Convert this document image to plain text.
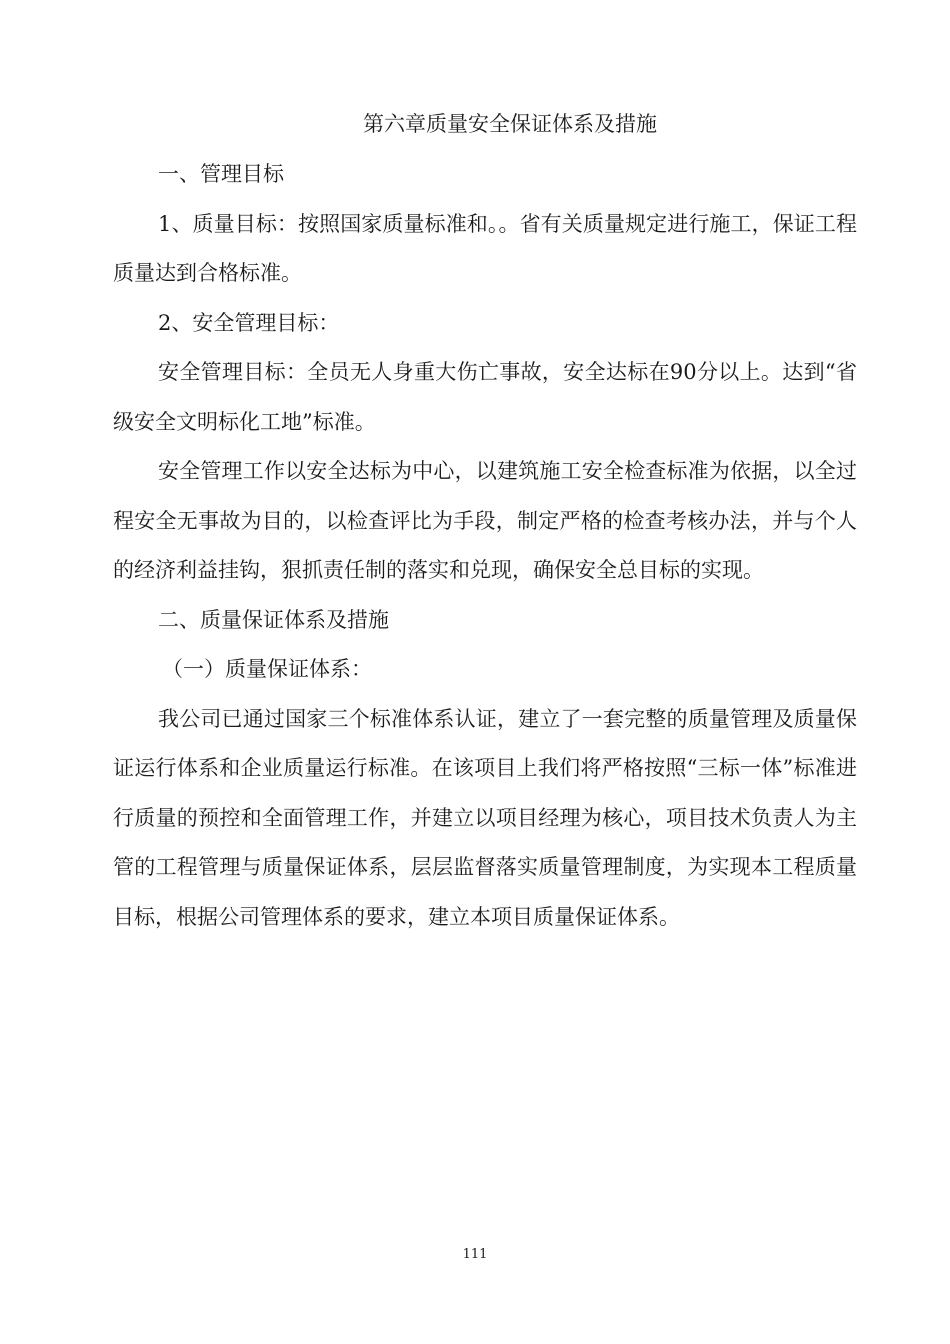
第六章质量安全保证体系及措施

一、管理目标

1、质量目标：按照国家质量标准和。。省有关质量规定进行施工，保证工程质量达到合格标准。

2、安全管理目标：

安全管理目标：全员无人身重大伤亡事故，安全达标在90分以上。达到“省级安全文明标化工地”标准。

安全管理工作以安全达标为中心，以建筑施工安全检查标准为依据，以全过程安全无事故为目的，以检查评比为手段，制定严格的检查考核办法，并与个人的经济利益挂钩，狠抓责任制的落实和兑现，确保安全总目标的实现。

二、质量保证体系及措施

（一）质量保证体系：

我公司已通过国家三个标准体系认证，建立了一套完整的质量管理及质量保证运行体系和企业质量运行标准。在该项目上我们将严格按照“三标一体”标准进行质量的预控和全面管理工作，并建立以项目经理为核心，项目技术负责人为主管的工程管理与质量保证体系，层层监督落实质量管理制度，为实现本工程质量目标，根据公司管理体系的要求，建立本项目质量保证体系。

111
